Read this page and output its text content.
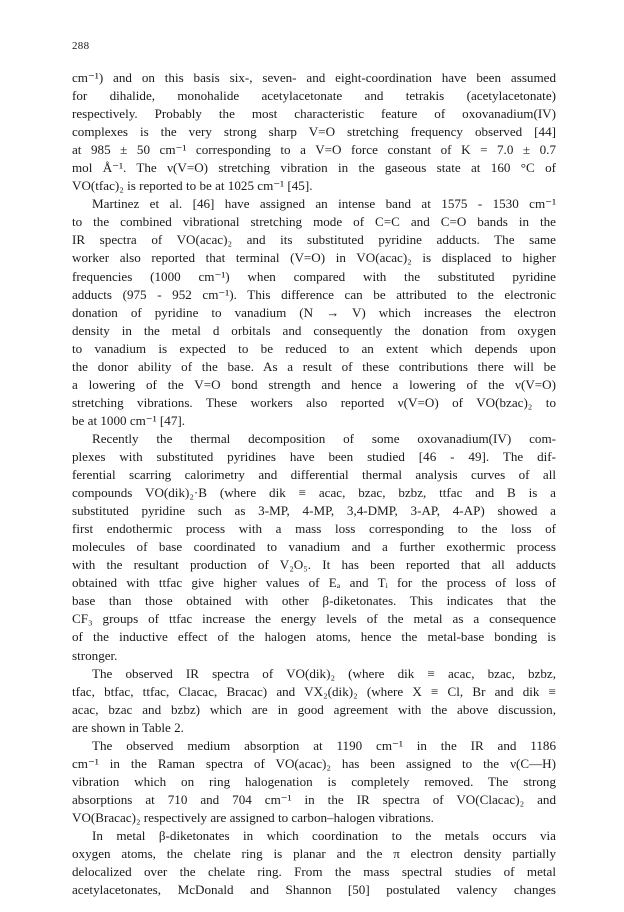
288
cm⁻¹) and on this basis six-, seven- and eight-coordination have been assumed
for dihalide, monohalide acetylacetonate and tetrakis (acetylacetonate)
respectively. Probably the most characteristic feature of oxovanadium(IV)
complexes is the very strong sharp V=O stretching frequency observed [44]
at 985 ± 50 cm⁻¹ corresponding to a V=O force constant of K = 7.0 ± 0.7
mol Å⁻¹. The ν(V=O) stretching vibration in the gaseous state at 160 °C of
VO(tfac)₂ is reported to be at 1025 cm⁻¹ [45].
Martinez et al. [46] have assigned an intense band at 1575 - 1530 cm⁻¹
to the combined vibrational stretching mode of C=C and C=O bands in the
IR spectra of VO(acac)₂ and its substituted pyridine adducts. The same
worker also reported that terminal (V=O) in VO(acac)₂ is displaced to higher
frequencies (1000 cm⁻¹) when compared with the substituted pyridine
adducts (975 - 952 cm⁻¹). This difference can be attributed to the electronic
donation of pyridine to vanadium (N → V) which increases the electron
density in the metal d orbitals and consequently the donation from oxygen
to vanadium is expected to be reduced to an extent which depends upon
the donor ability of the base. As a result of these contributions there will be
a lowering of the V=O bond strength and hence a lowering of the ν(V=O)
stretching vibrations. These workers also reported ν(V=O) of VO(bzac)₂ to
be at 1000 cm⁻¹ [47].
Recently the thermal decomposition of some oxovanadium(IV) com-
plexes with substituted pyridines have been studied [46 - 49]. The dif-
ferential scarring calorimetry and differential thermal analysis curves of all
compounds VO(dik)₂·B (where dik ≡ acac, bzac, bzbz, ttfac and B is a
substituted pyridine such as 3-MP, 4-MP, 3,4-DMP, 3-AP, 4-AP) showed a
first endothermic process with a mass loss corresponding to the loss of
molecules of base coordinated to vanadium and a further exothermic process
with the resultant production of V₂O₅. It has been reported that all adducts
obtained with ttfac give higher values of Eₐ and Tᵢ for the process of loss of
base than those obtained with other β-diketonates. This indicates that the
CF₃ groups of ttfac increase the energy levels of the metal as a consequence
of the inductive effect of the halogen atoms, hence the metal-base bonding is
stronger.
The observed IR spectra of VO(dik)₂ (where dik ≡ acac, bzac, bzbz,
tfac, btfac, ttfac, Clacac, Bracac) and VX₂(dik)₂ (where X ≡ Cl, Br and dik ≡
acac, bzac and bzbz) which are in good agreement with the above discussion,
are shown in Table 2.
The observed medium absorption at 1190 cm⁻¹ in the IR and 1186
cm⁻¹ in the Raman spectra of VO(acac)₂ has been assigned to the ν(C—H)
vibration which on ring halogenation is completely removed. The strong
absorptions at 710 and 704 cm⁻¹ in the IR spectra of VO(Clacac)₂ and
VO(Bracac)₂ respectively are assigned to carbon–halogen vibrations.
In metal β-diketonates in which coordination to the metals occurs via
oxygen atoms, the chelate ring is planar and the π electron density partially
delocalized over the chelate ring. From the mass spectral studies of metal
acetylacetonates, McDonald and Shannon [50] postulated valency changes
